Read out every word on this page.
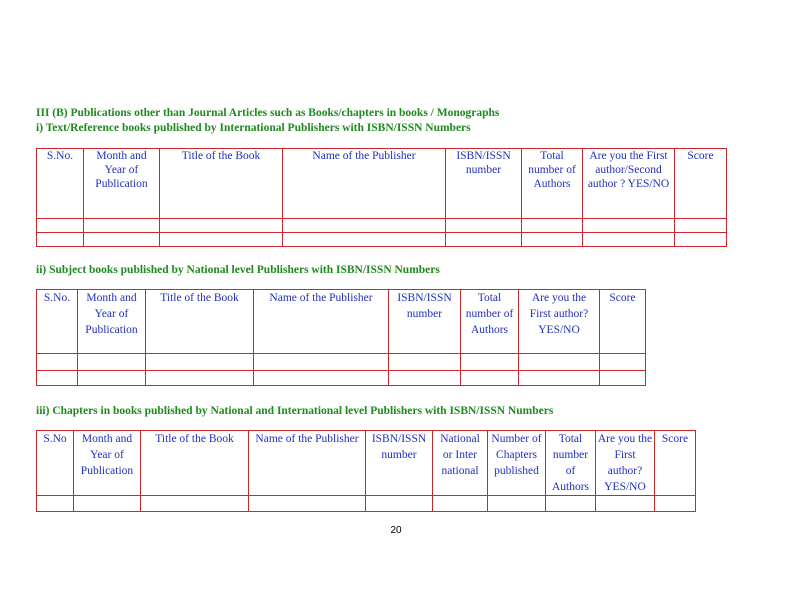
III (B) Publications other than Journal Articles such as Books/chapters in books / Monographs
i) Text/Reference books published by International Publishers with ISBN/ISSN Numbers
S.No.	Month and Year of Publication	Title of the Book	Name of the Publisher	ISBN/ISSN number	Total number of Authors	Are you the First author/Second author ? YES/NO	Score

ii) Subject books published by National level Publishers with ISBN/ISSN Numbers
S.No.	Month and Year of Publication	Title of the Book	Name of the Publisher	ISBN/ISSN number	Total number of Authors	Are you the First author? YES/NO	Score

iii) Chapters in books published by National and International level Publishers with ISBN/ISSN Numbers
S.No	Month and Year of Publication	Title of the Book	Name of the Publisher	ISBN/ISSN number	National or Inter national	Number of Chapters published	Total number of Authors	Are you the First author? YES/NO	Score

20
